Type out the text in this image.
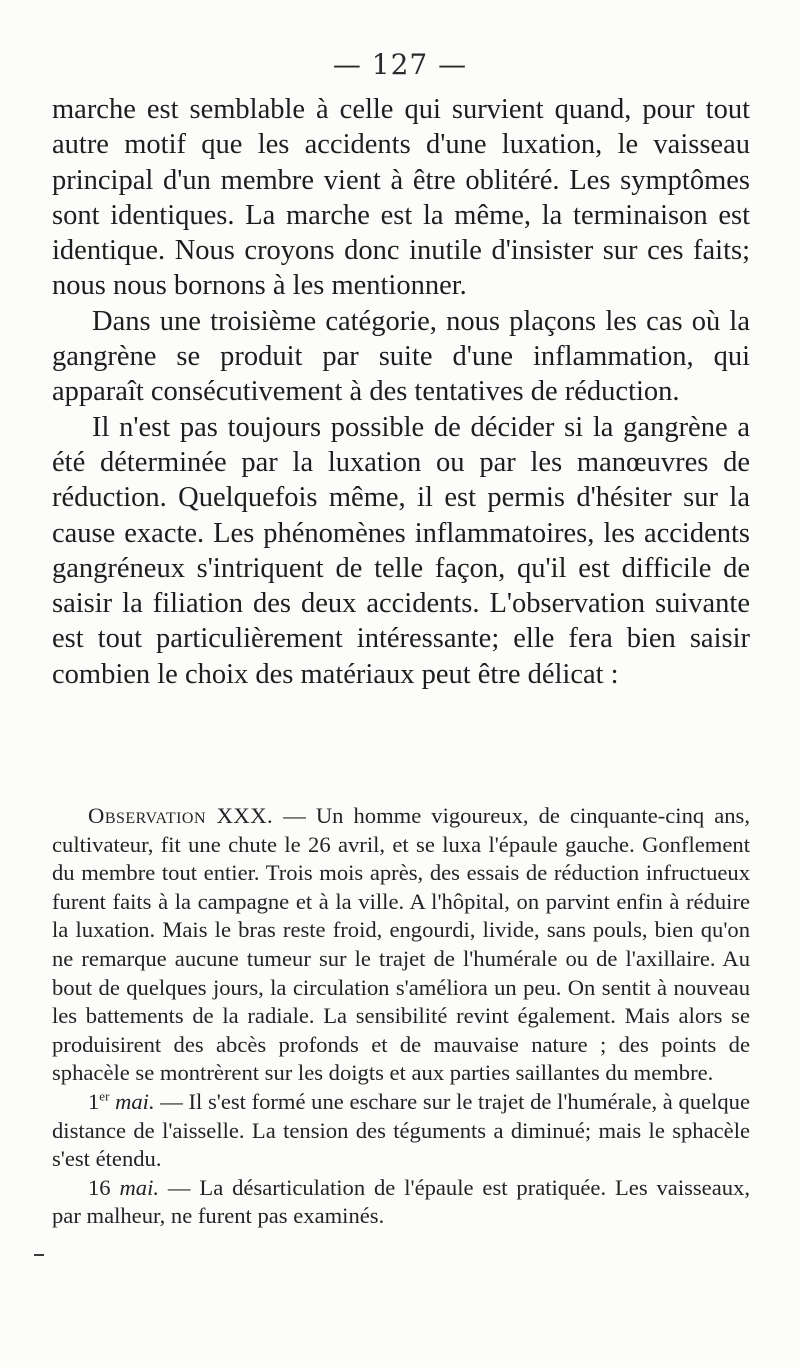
— 127 —

marche est semblable à celle qui survient quand, pour tout autre motif que les accidents d'une luxation, le vaisseau principal d'un membre vient à être oblitéré. Les symptômes sont identiques. La marche est la même, la terminaison est identique. Nous croyons donc inutile d'insister sur ces faits; nous nous bornons à les mentionner.

Dans une troisième catégorie, nous plaçons les cas où la gangrène se produit par suite d'une inflammation, qui apparaît consécutivement à des tentatives de réduction.

Il n'est pas toujours possible de décider si la gangrène a été déterminée par la luxation ou par les manœuvres de réduction. Quelquefois même, il est permis d'hésiter sur la cause exacte. Les phénomènes inflammatoires, les accidents gangréneux s'intriquent de telle façon, qu'il est difficile de saisir la filiation des deux accidents. L'observation suivante est tout particulièrement intéressante; elle fera bien saisir combien le choix des matériaux peut être délicat :

Observation XXX. — Un homme vigoureux, de cinquante-cinq ans, cultivateur, fit une chute le 26 avril, et se luxa l'épaule gauche. Gonflement du membre tout entier. Trois mois après, des essais de réduction infructueux furent faits à la campagne et à la ville. A l'hôpital, on parvint enfin à réduire la luxation. Mais le bras reste froid, engourdi, livide, sans pouls, bien qu'on ne remarque aucune tumeur sur le trajet de l'humérale ou de l'axillaire. Au bout de quelques jours, la circulation s'améliora un peu. On sentit à nouveau les battements de la radiale. La sensibilité revint également. Mais alors se produisirent des abcès profonds et de mauvaise nature ; des points de sphacèle se montrèrent sur les doigts et aux parties saillantes du membre.

1er mai. — Il s'est formé une eschare sur le trajet de l'humérale, à quelque distance de l'aisselle. La tension des téguments a diminué; mais le sphacèle s'est étendu.

16 mai. — La désarticulation de l'épaule est pratiquée. Les vaisseaux, par malheur, ne furent pas examinés.
